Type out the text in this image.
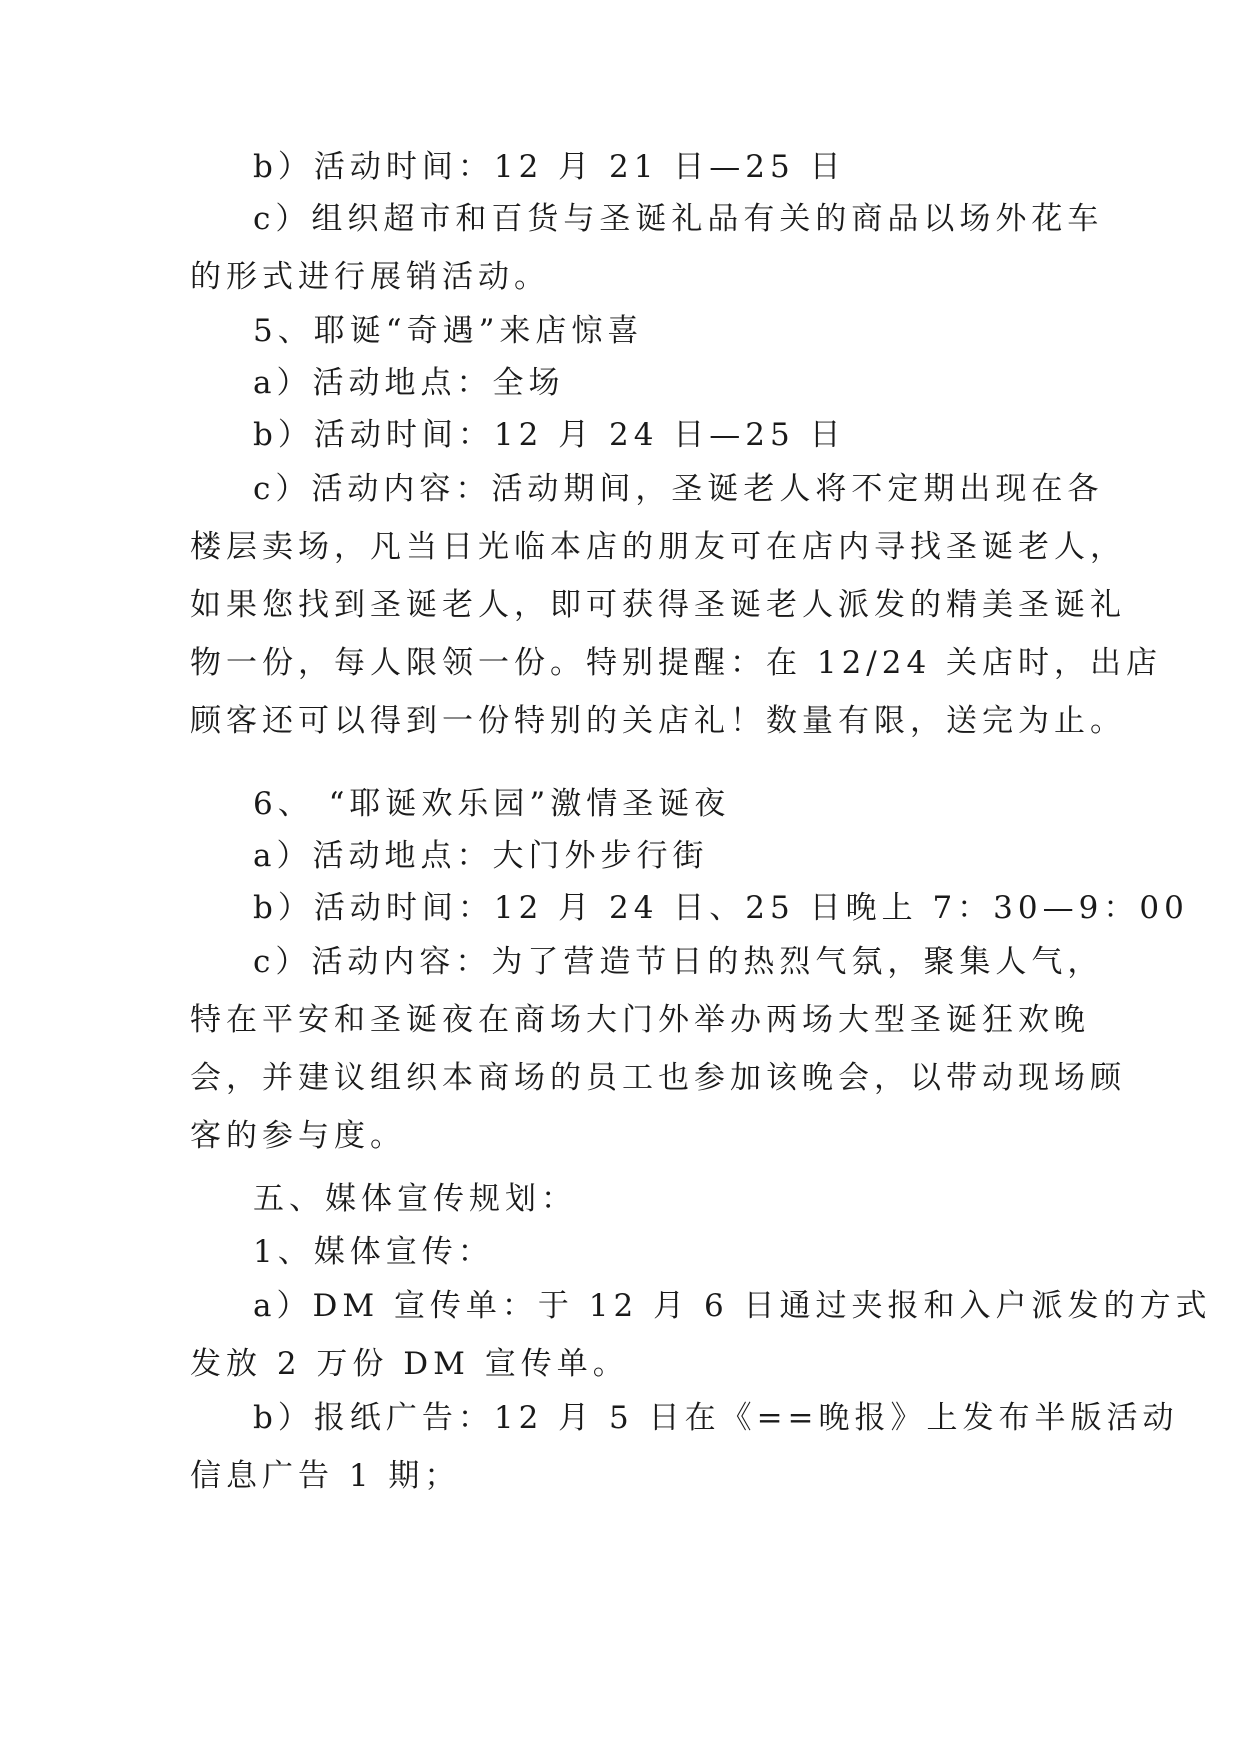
b）活动时间：12 月 21 日—25 日
c）组织超市和百货与圣诞礼品有关的商品以场外花车
的形式进行展销活动。
5、耶诞“奇遇”来店惊喜
a）活动地点：全场
b）活动时间：12 月 24 日—25 日
c）活动内容：活动期间，圣诞老人将不定期出现在各
楼层卖场，凡当日光临本店的朋友可在店内寻找圣诞老人，
如果您找到圣诞老人，即可获得圣诞老人派发的精美圣诞礼
物一份，每人限领一份。特别提醒：在 12/24 关店时，出店
顾客还可以得到一份特别的关店礼！数量有限，送完为止。
6、 “耶诞欢乐园”激情圣诞夜
a）活动地点：大门外步行街
b）活动时间：12 月 24 日、25 日晚上 7：30—9：00
c）活动内容：为了营造节日的热烈气氛，聚集人气，
特在平安和圣诞夜在商场大门外举办两场大型圣诞狂欢晚
会，并建议组织本商场的员工也参加该晚会，以带动现场顾
客的参与度。
五、媒体宣传规划：
1、媒体宣传：
a）DM 宣传单：于 12 月 6 日通过夹报和入户派发的方式
发放 2 万份 DM 宣传单。
b）报纸广告：12 月 5 日在《==晚报》上发布半版活动
信息广告 1 期；
